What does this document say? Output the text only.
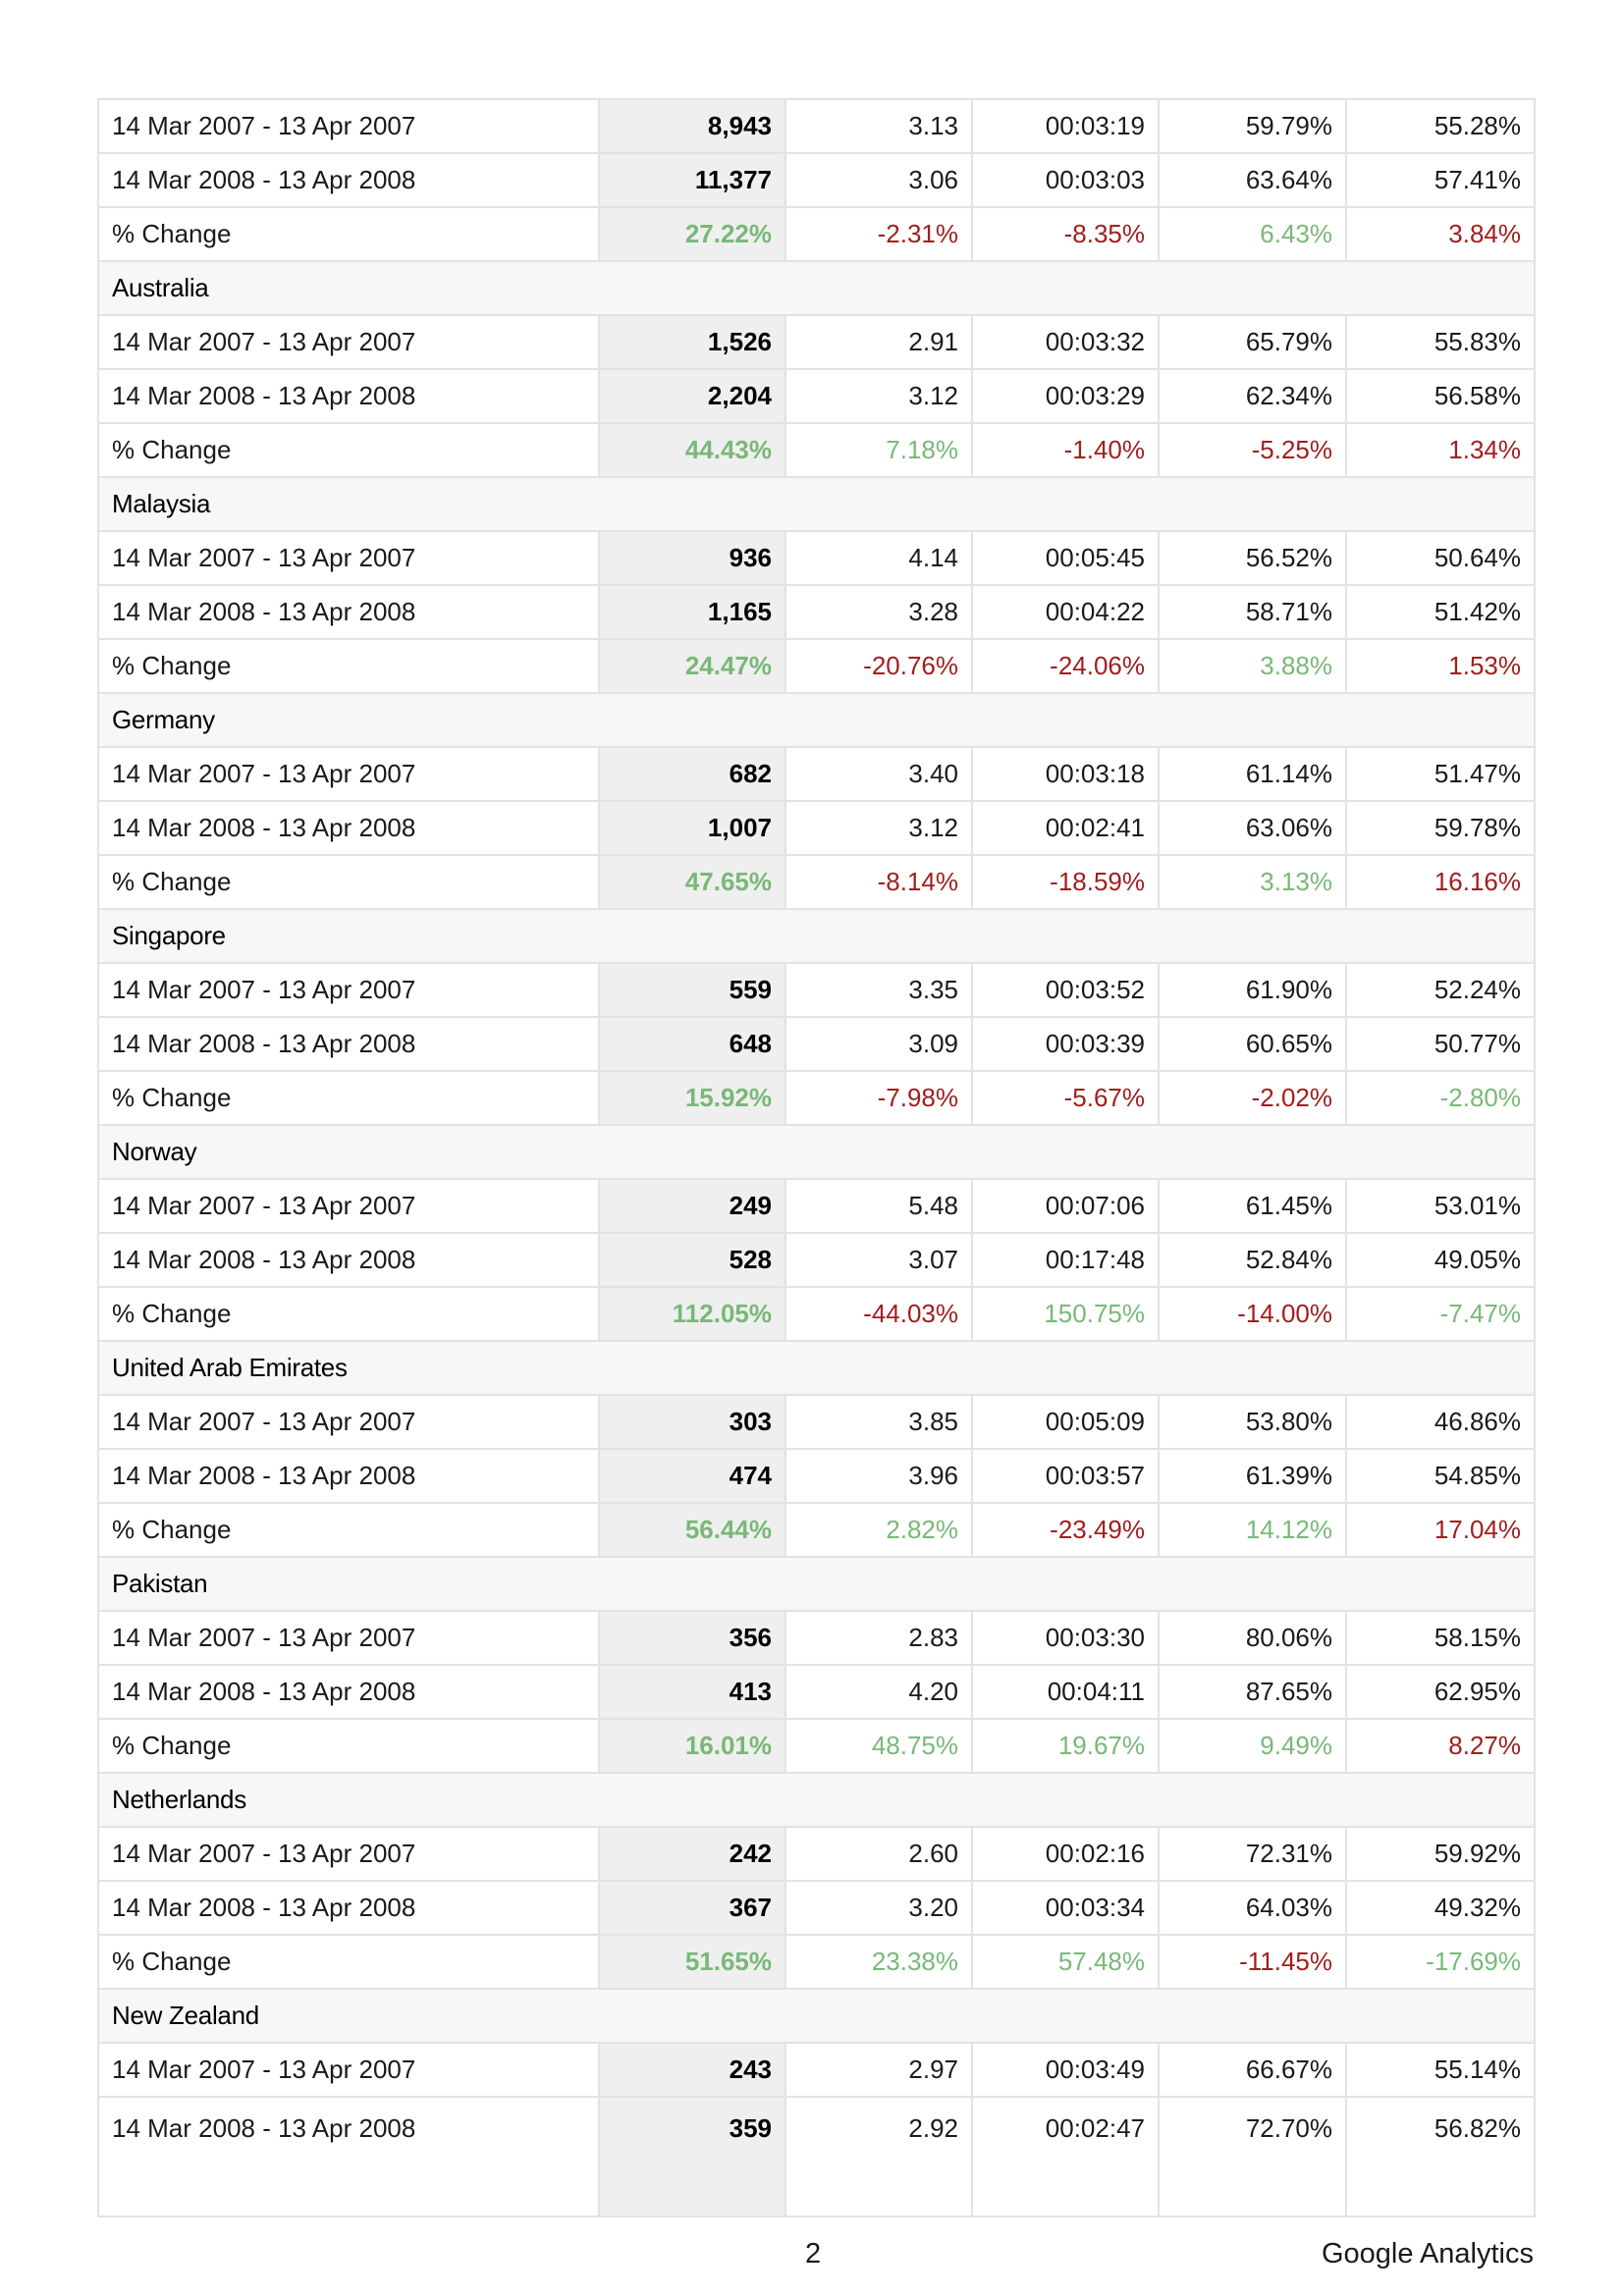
14 Mar 2007 - 13 Apr 2007	8,943	3.13	00:03:19	59.79%	55.28%
14 Mar 2008 - 13 Apr 2008	11,377	3.06	00:03:03	63.64%	57.41%
% Change	27.22%	-2.31%	-8.35%	6.43%	3.84%
Australia					
14 Mar 2007 - 13 Apr 2007	1,526	2.91	00:03:32	65.79%	55.83%
14 Mar 2008 - 13 Apr 2008	2,204	3.12	00:03:29	62.34%	56.58%
% Change	44.43%	7.18%	-1.40%	-5.25%	1.34%
Malaysia					
14 Mar 2007 - 13 Apr 2007	936	4.14	00:05:45	56.52%	50.64%
14 Mar 2008 - 13 Apr 2008	1,165	3.28	00:04:22	58.71%	51.42%
% Change	24.47%	-20.76%	-24.06%	3.88%	1.53%
Germany					
14 Mar 2007 - 13 Apr 2007	682	3.40	00:03:18	61.14%	51.47%
14 Mar 2008 - 13 Apr 2008	1,007	3.12	00:02:41	63.06%	59.78%
% Change	47.65%	-8.14%	-18.59%	3.13%	16.16%
Singapore					
14 Mar 2007 - 13 Apr 2007	559	3.35	00:03:52	61.90%	52.24%
14 Mar 2008 - 13 Apr 2008	648	3.09	00:03:39	60.65%	50.77%
% Change	15.92%	-7.98%	-5.67%	-2.02%	-2.80%
Norway					
14 Mar 2007 - 13 Apr 2007	249	5.48	00:07:06	61.45%	53.01%
14 Mar 2008 - 13 Apr 2008	528	3.07	00:17:48	52.84%	49.05%
% Change	112.05%	-44.03%	150.75%	-14.00%	-7.47%
United Arab Emirates					
14 Mar 2007 - 13 Apr 2007	303	3.85	00:05:09	53.80%	46.86%
14 Mar 2008 - 13 Apr 2008	474	3.96	00:03:57	61.39%	54.85%
% Change	56.44%	2.82%	-23.49%	14.12%	17.04%
Pakistan					
14 Mar 2007 - 13 Apr 2007	356	2.83	00:03:30	80.06%	58.15%
14 Mar 2008 - 13 Apr 2008	413	4.20	00:04:11	87.65%	62.95%
% Change	16.01%	48.75%	19.67%	9.49%	8.27%
Netherlands					
14 Mar 2007 - 13 Apr 2007	242	2.60	00:02:16	72.31%	59.92%
14 Mar 2008 - 13 Apr 2008	367	3.20	00:03:34	64.03%	49.32%
% Change	51.65%	23.38%	57.48%	-11.45%	-17.69%
New Zealand					
14 Mar 2007 - 13 Apr 2007	243	2.97	00:03:49	66.67%	55.14%
14 Mar 2008 - 13 Apr 2008	359	2.92	00:02:47	72.70%	56.82%
2	Google Analytics
